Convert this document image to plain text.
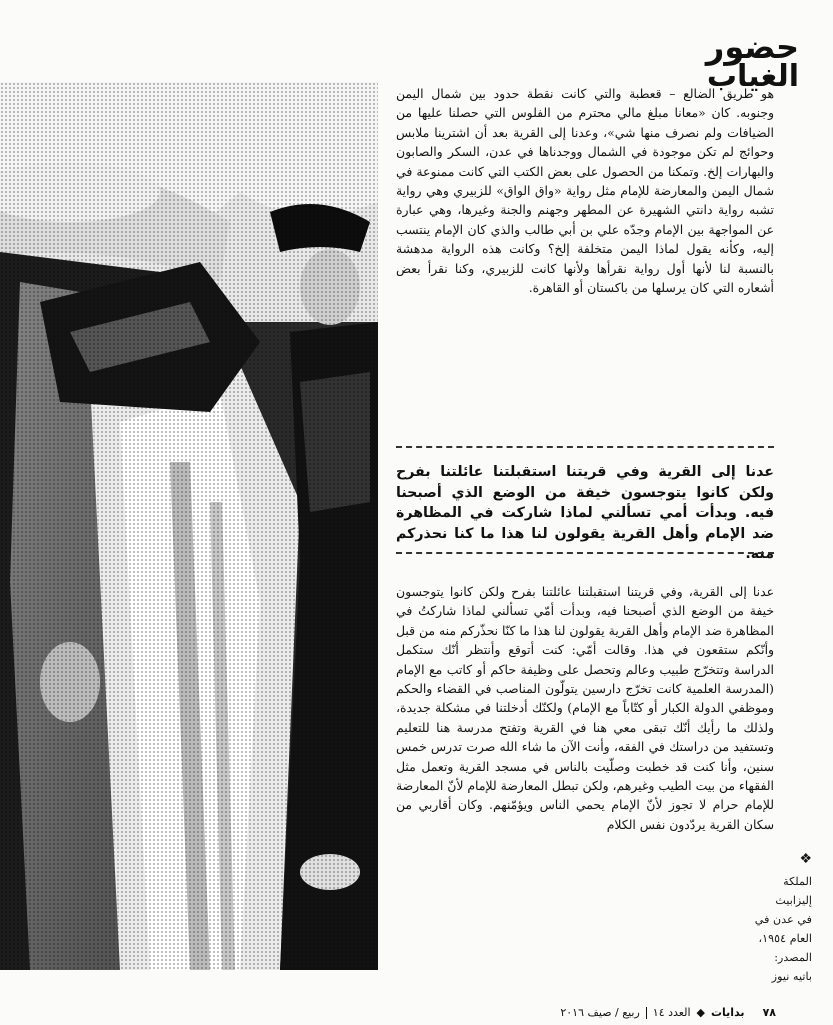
حضور
الغياب
هو طريق الضالع – قعطبة والتي كانت نقطة حدود بين شمال اليمن وجنوبه. كان «معانا مبلغ مالي محترم من الفلوس التي حصلنا عليها من الضيافات ولم نصرف منها شي»، وعدنا إلى القرية بعد أن اشترينا ملابس وحوائج لم تكن موجودة في الشمال ووجدناها في عدن، السكر والصابون والبهارات إلخ. وتمكنا من الحصول على بعض الكتب التي كانت ممنوعة في شمال اليمن والمعارضة للإمام مثل رواية «واق الواق» للزبيري وهي رواية تشبه رواية دانتي الشهيرة عن المطهر وجهنم والجنة وغيرها، وهي عبارة عن المواجهة بين الإمام وجدّه علي بن أبي طالب والذي كان الإمام ينتسب إليه، وكأنه يقول لماذا اليمن متخلفة إلخ؟ وكانت هذه الرواية مدهشة بالنسبة لنا لأنها أول رواية نقرأها ولأنها كانت للزبيري، وكنا نقرأ بعض أشعاره التي كان يرسلها من باكستان أو القاهرة.
عدنا إلى القرية وفي قريتنا استقبلتنا عائلتنا بفرح ولكن كانوا يتوجسون خيفة من الوضع الذي أصبحنا فيه. وبدأت أمي تسألني لماذا شاركت في المظاهرة ضد الإمام وأهل القرية يقولون لنا هذا ما كنا نحذركم منه.
عدنا إلى القرية، وفي قريتنا استقبلتنا عائلتنا بفرح ولكن كانوا يتوجسون خيفة من الوضع الذي أصبحنا فيه، وبدأت أمّي تسألني لماذا شاركتُ في المظاهرة ضد الإمام وأهل القرية يقولون لنا هذا ما كنّا نحذّركم منه من قبل وأنّكم ستقعون في هذا. وقالت أمّي: كنت أتوقع وأنتظر أنّك ستكمل الدراسة وتتخرّج طبيب وعالم وتحصل على وظيفة حاكم أو كاتب مع الإمام (المدرسة العلمية كانت تخرّج دارسين يتولّون المناصب في القضاء والحكم وموظفي الدولة الكبار أو كتّاباً مع الإمام) ولكنّك أدخلتنا في مشكلة جديدة، ولذلك ما رأيك أنّك تبقى معي هنا في القرية وتفتح مدرسة هنا للتعليم وتستفيد من دراستك في الفقه، وأنت الآن ما شاء الله صرت تدرس خمس سنين، وأنا كنت قد خطبت وصلّيت بالناس في مسجد القرية وتعمل مثل الفقهاء من بيت الطيب وغيرهم، ولكن تبطل المعارضة للإمام لأنّ المعارضة للإمام حرام لا تجوز لأنّ الإمام يحمي الناس ويؤمّنهم. وكان أقاربي من سكان القرية يردّدون نفس الكلام
❖
الملكة إليزابيث
في عدن في
العام ١٩٥٤،
المصدر: باتيه نيوز
٧٨
بدايات
◆
العدد ١٤
ربيع / صيف ٢٠١٦
